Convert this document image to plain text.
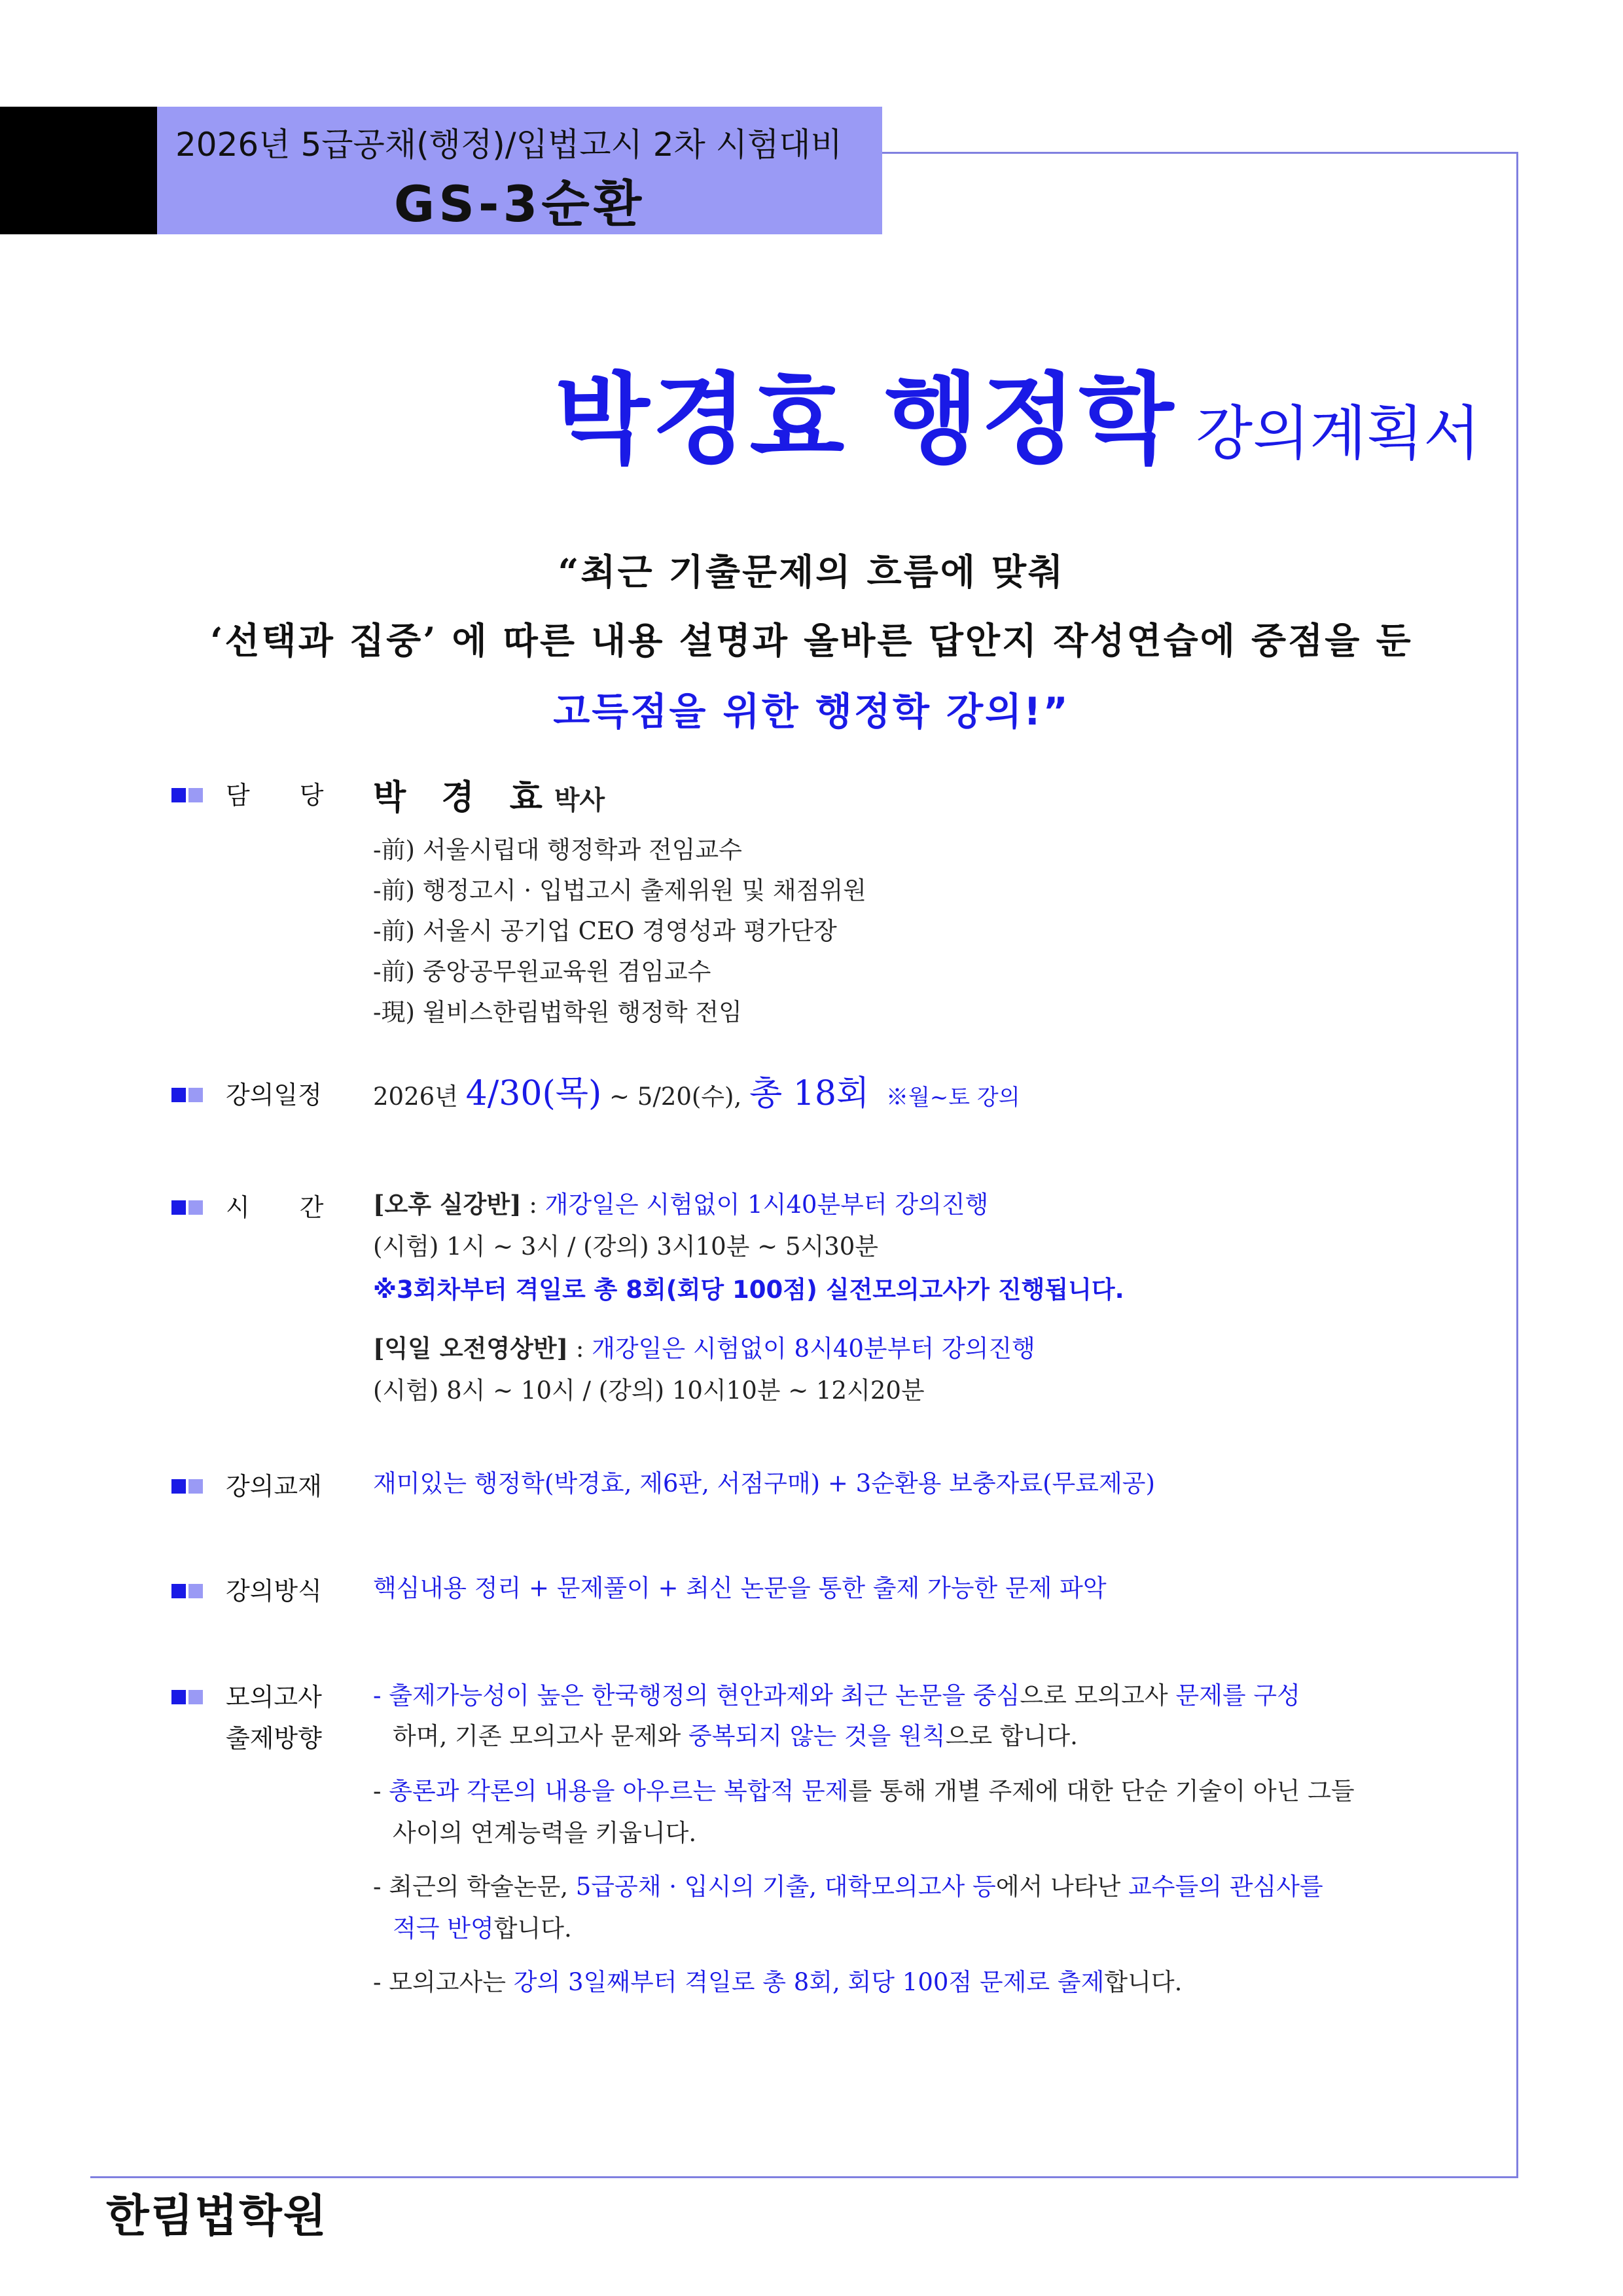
2026년 5급공채(행정)/입법고시 2차 시험대비
GS-3순환
박경효 행정학 강의계획서
“최근 기출문제의 흐름에 맞춰
‘선택과 집중’ 에 따른 내용 설명과 올바른 답안지 작성연습에 중점을 둔
고득점을 위한 행정학 강의!”
담　　당 박 경 효박사
-前) 서울시립대 행정학과 전임교수
-前) 행정고시 · 입법고시 출제위원 및 채점위원
-前) 서울시 공기업 CEO 경영성과 평가단장
-前) 중앙공무원교육원 겸임교수
-現) 윌비스한림법학원 행정학 전임
강의일정 2026년 4/30(목) ~ 5/20(수), 총 18회 ※월~토 강의
시　　간 [오후 실강반] : 개강일은 시험없이 1시40분부터 강의진행
(시험) 1시 ~ 3시 / (강의) 3시10분 ~ 5시30분
※3회차부터 격일로 총 8회(회당 100점) 실전모의고사가 진행됩니다.
[익일 오전영상반] : 개강일은 시험없이 8시40분부터 강의진행
(시험) 8시 ~ 10시 / (강의) 10시10분 ~ 12시20분
강의교재 재미있는 행정학(박경효, 제6판, 서점구매) + 3순환용 보충자료(무료제공)
강의방식 핵심내용 정리 + 문제풀이 + 최신 논문을 통한 출제 가능한 문제 파악
모의고사
출제방향
- 출제가능성이 높은 한국행정의 현안과제와 최근 논문을 중심으로 모의고사 문제를 구성
하며, 기존 모의고사 문제와 중복되지 않는 것을 원칙으로 합니다.
- 총론과 각론의 내용을 아우르는 복합적 문제를 통해 개별 주제에 대한 단순 기술이 아닌 그들
사이의 연계능력을 키웁니다.
- 최근의 학술논문, 5급공채 · 입시의 기출, 대학모의고사 등에서 나타난 교수들의 관심사를
적극 반영합니다.
- 모의고사는 강의 3일째부터 격일로 총 8회, 회당 100점 문제로 출제합니다.
한림법학원
